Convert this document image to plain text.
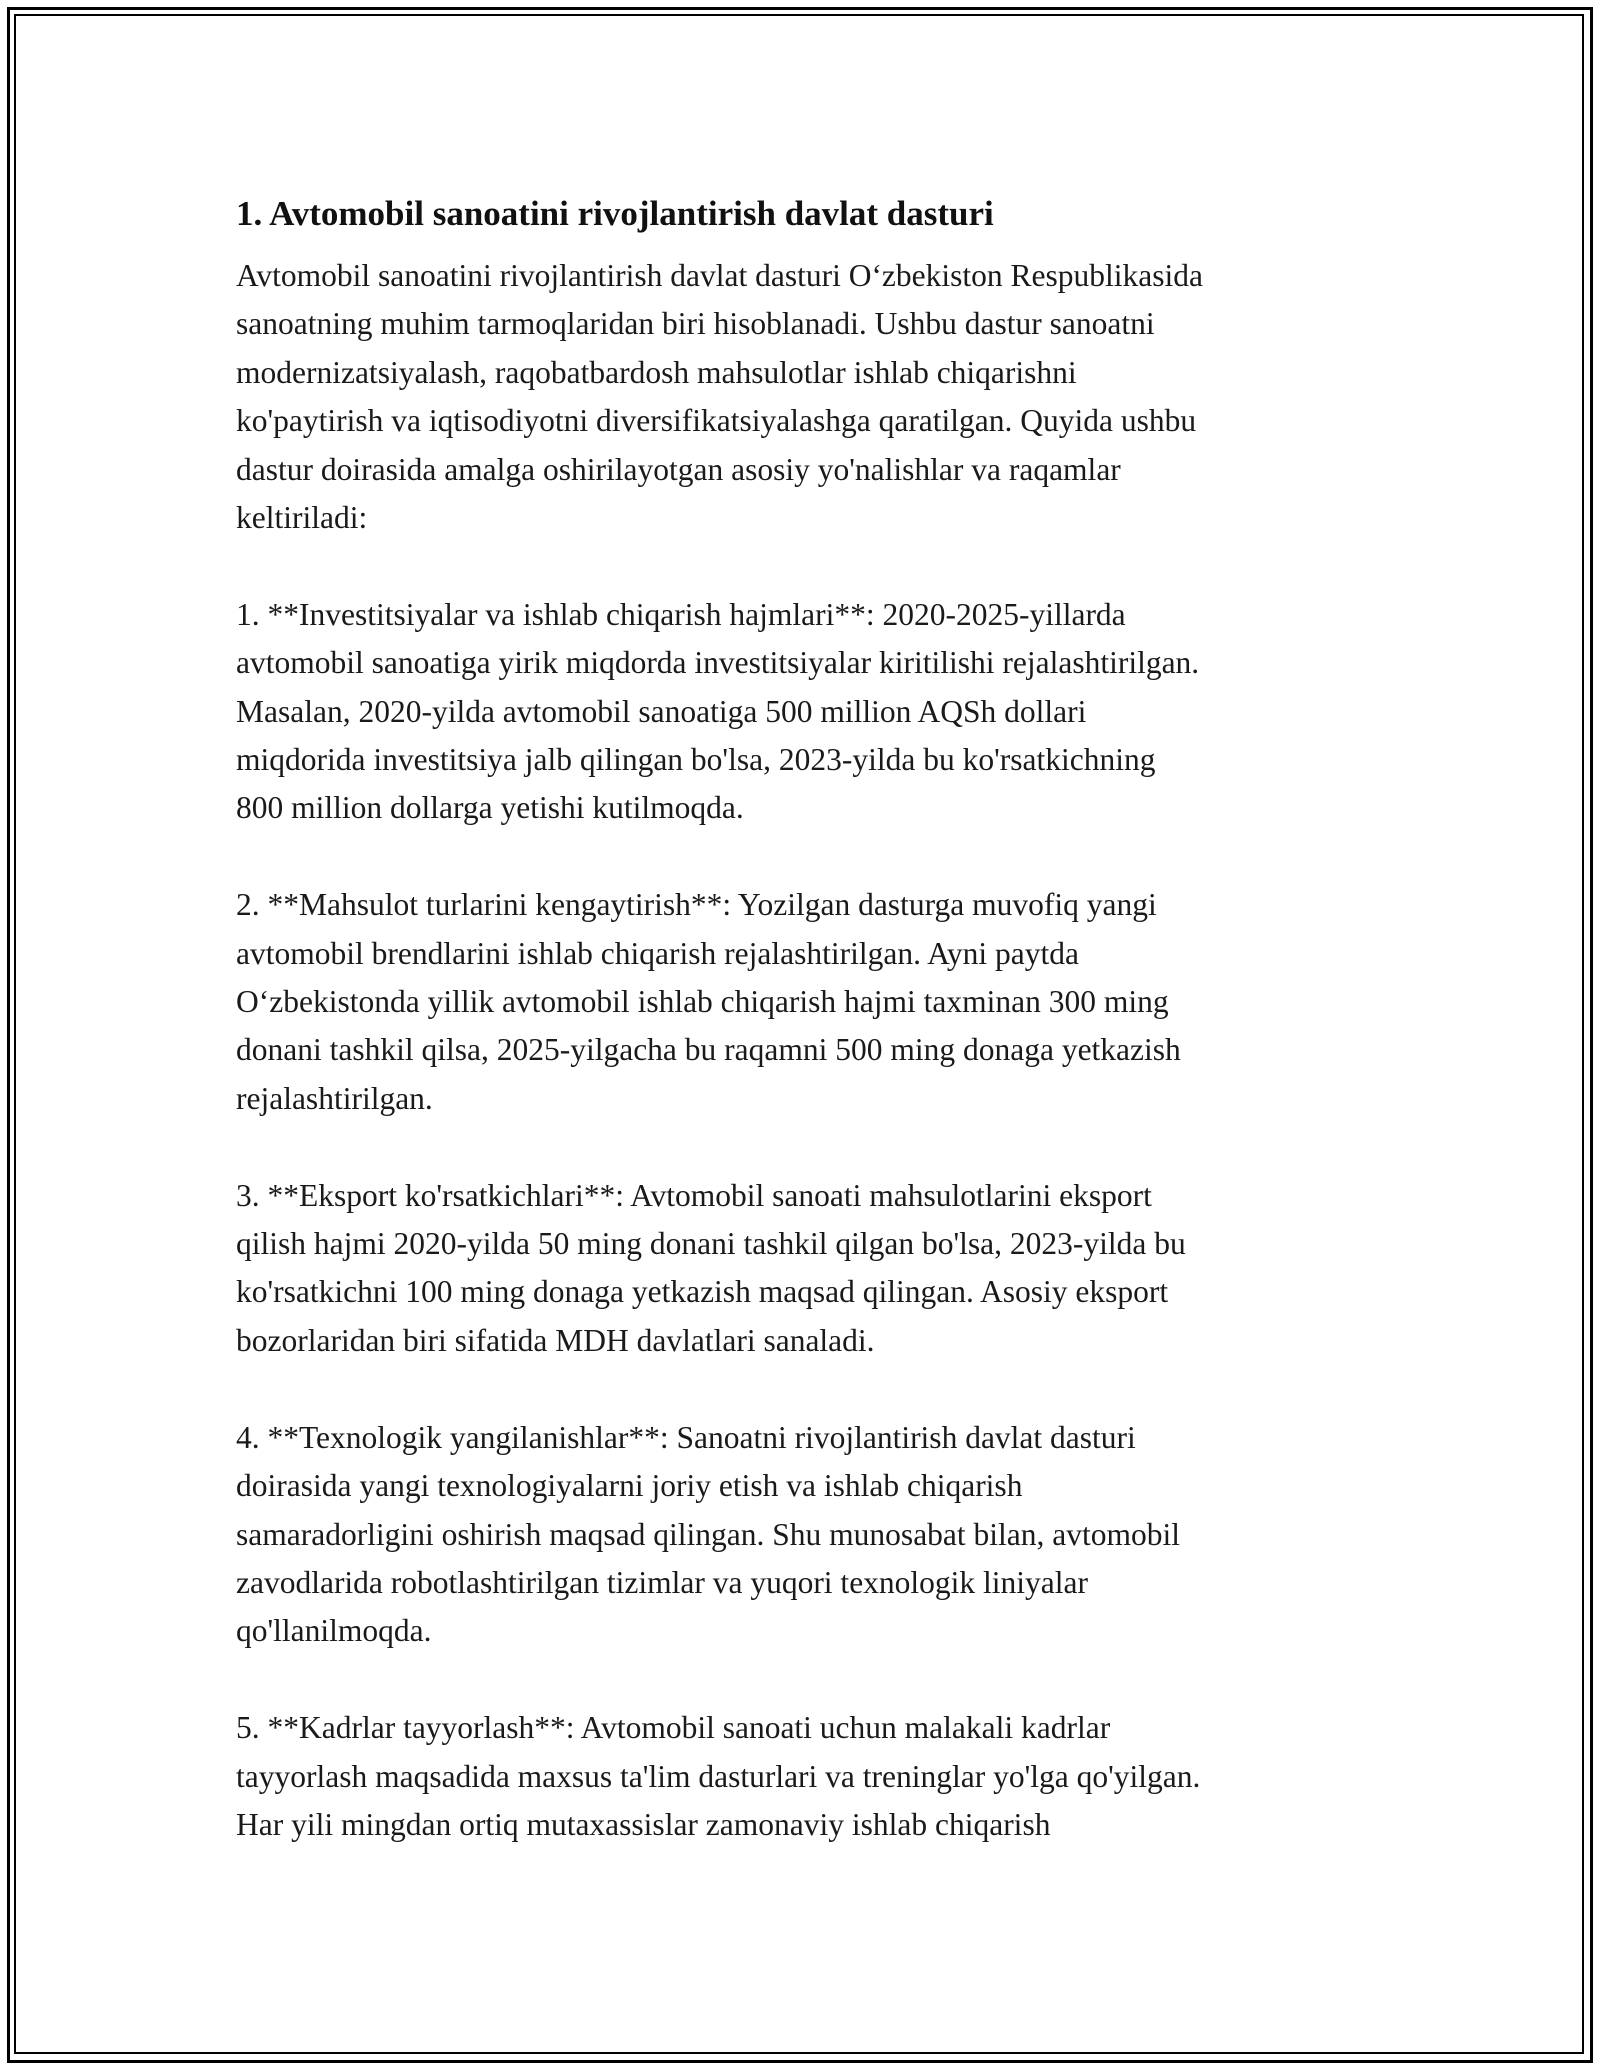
1. Avtomobil sanoatini rivojlantirish davlat dasturi

Avtomobil sanoatini rivojlantirish davlat dasturi O‘zbekiston Respublikasida
sanoatning muhim tarmoqlaridan biri hisoblanadi. Ushbu dastur sanoatni
modernizatsiyalash, raqobatbardosh mahsulotlar ishlab chiqarishni
ko'paytirish va iqtisodiyotni diversifikatsiyalashga qaratilgan. Quyida ushbu
dastur doirasida amalga oshirilayotgan asosiy yo'nalishlar va raqamlar
keltiriladi:

1. **Investitsiyalar va ishlab chiqarish hajmlari**: 2020-2025-yillarda
avtomobil sanoatiga yirik miqdorda investitsiyalar kiritilishi rejalashtirilgan.
Masalan, 2020-yilda avtomobil sanoatiga 500 million AQSh dollari
miqdorida investitsiya jalb qilingan bo'lsa, 2023-yilda bu ko'rsatkichning
800 million dollarga yetishi kutilmoqda.

2. **Mahsulot turlarini kengaytirish**: Yozilgan dasturga muvofiq yangi
avtomobil brendlarini ishlab chiqarish rejalashtirilgan. Ayni paytda
O‘zbekistonda yillik avtomobil ishlab chiqarish hajmi taxminan 300 ming
donani tashkil qilsa, 2025-yilgacha bu raqamni 500 ming donaga yetkazish
rejalashtirilgan.

3. **Eksport ko'rsatkichlari**: Avtomobil sanoati mahsulotlarini eksport
qilish hajmi 2020-yilda 50 ming donani tashkil qilgan bo'lsa, 2023-yilda bu
ko'rsatkichni 100 ming donaga yetkazish maqsad qilingan. Asosiy eksport
bozorlaridan biri sifatida MDH davlatlari sanaladi.

4. **Texnologik yangilanishlar**: Sanoatni rivojlantirish davlat dasturi
doirasida yangi texnologiyalarni joriy etish va ishlab chiqarish
samaradorligini oshirish maqsad qilingan. Shu munosabat bilan, avtomobil
zavodlarida robotlashtirilgan tizimlar va yuqori texnologik liniyalar
qo'llanilmoqda.

5. **Kadrlar tayyorlash**: Avtomobil sanoati uchun malakali kadrlar
tayyorlash maqsadida maxsus ta'lim dasturlari va treninglar yo'lga qo'yilgan.
Har yili mingdan ortiq mutaxassislar zamonaviy ishlab chiqarish
